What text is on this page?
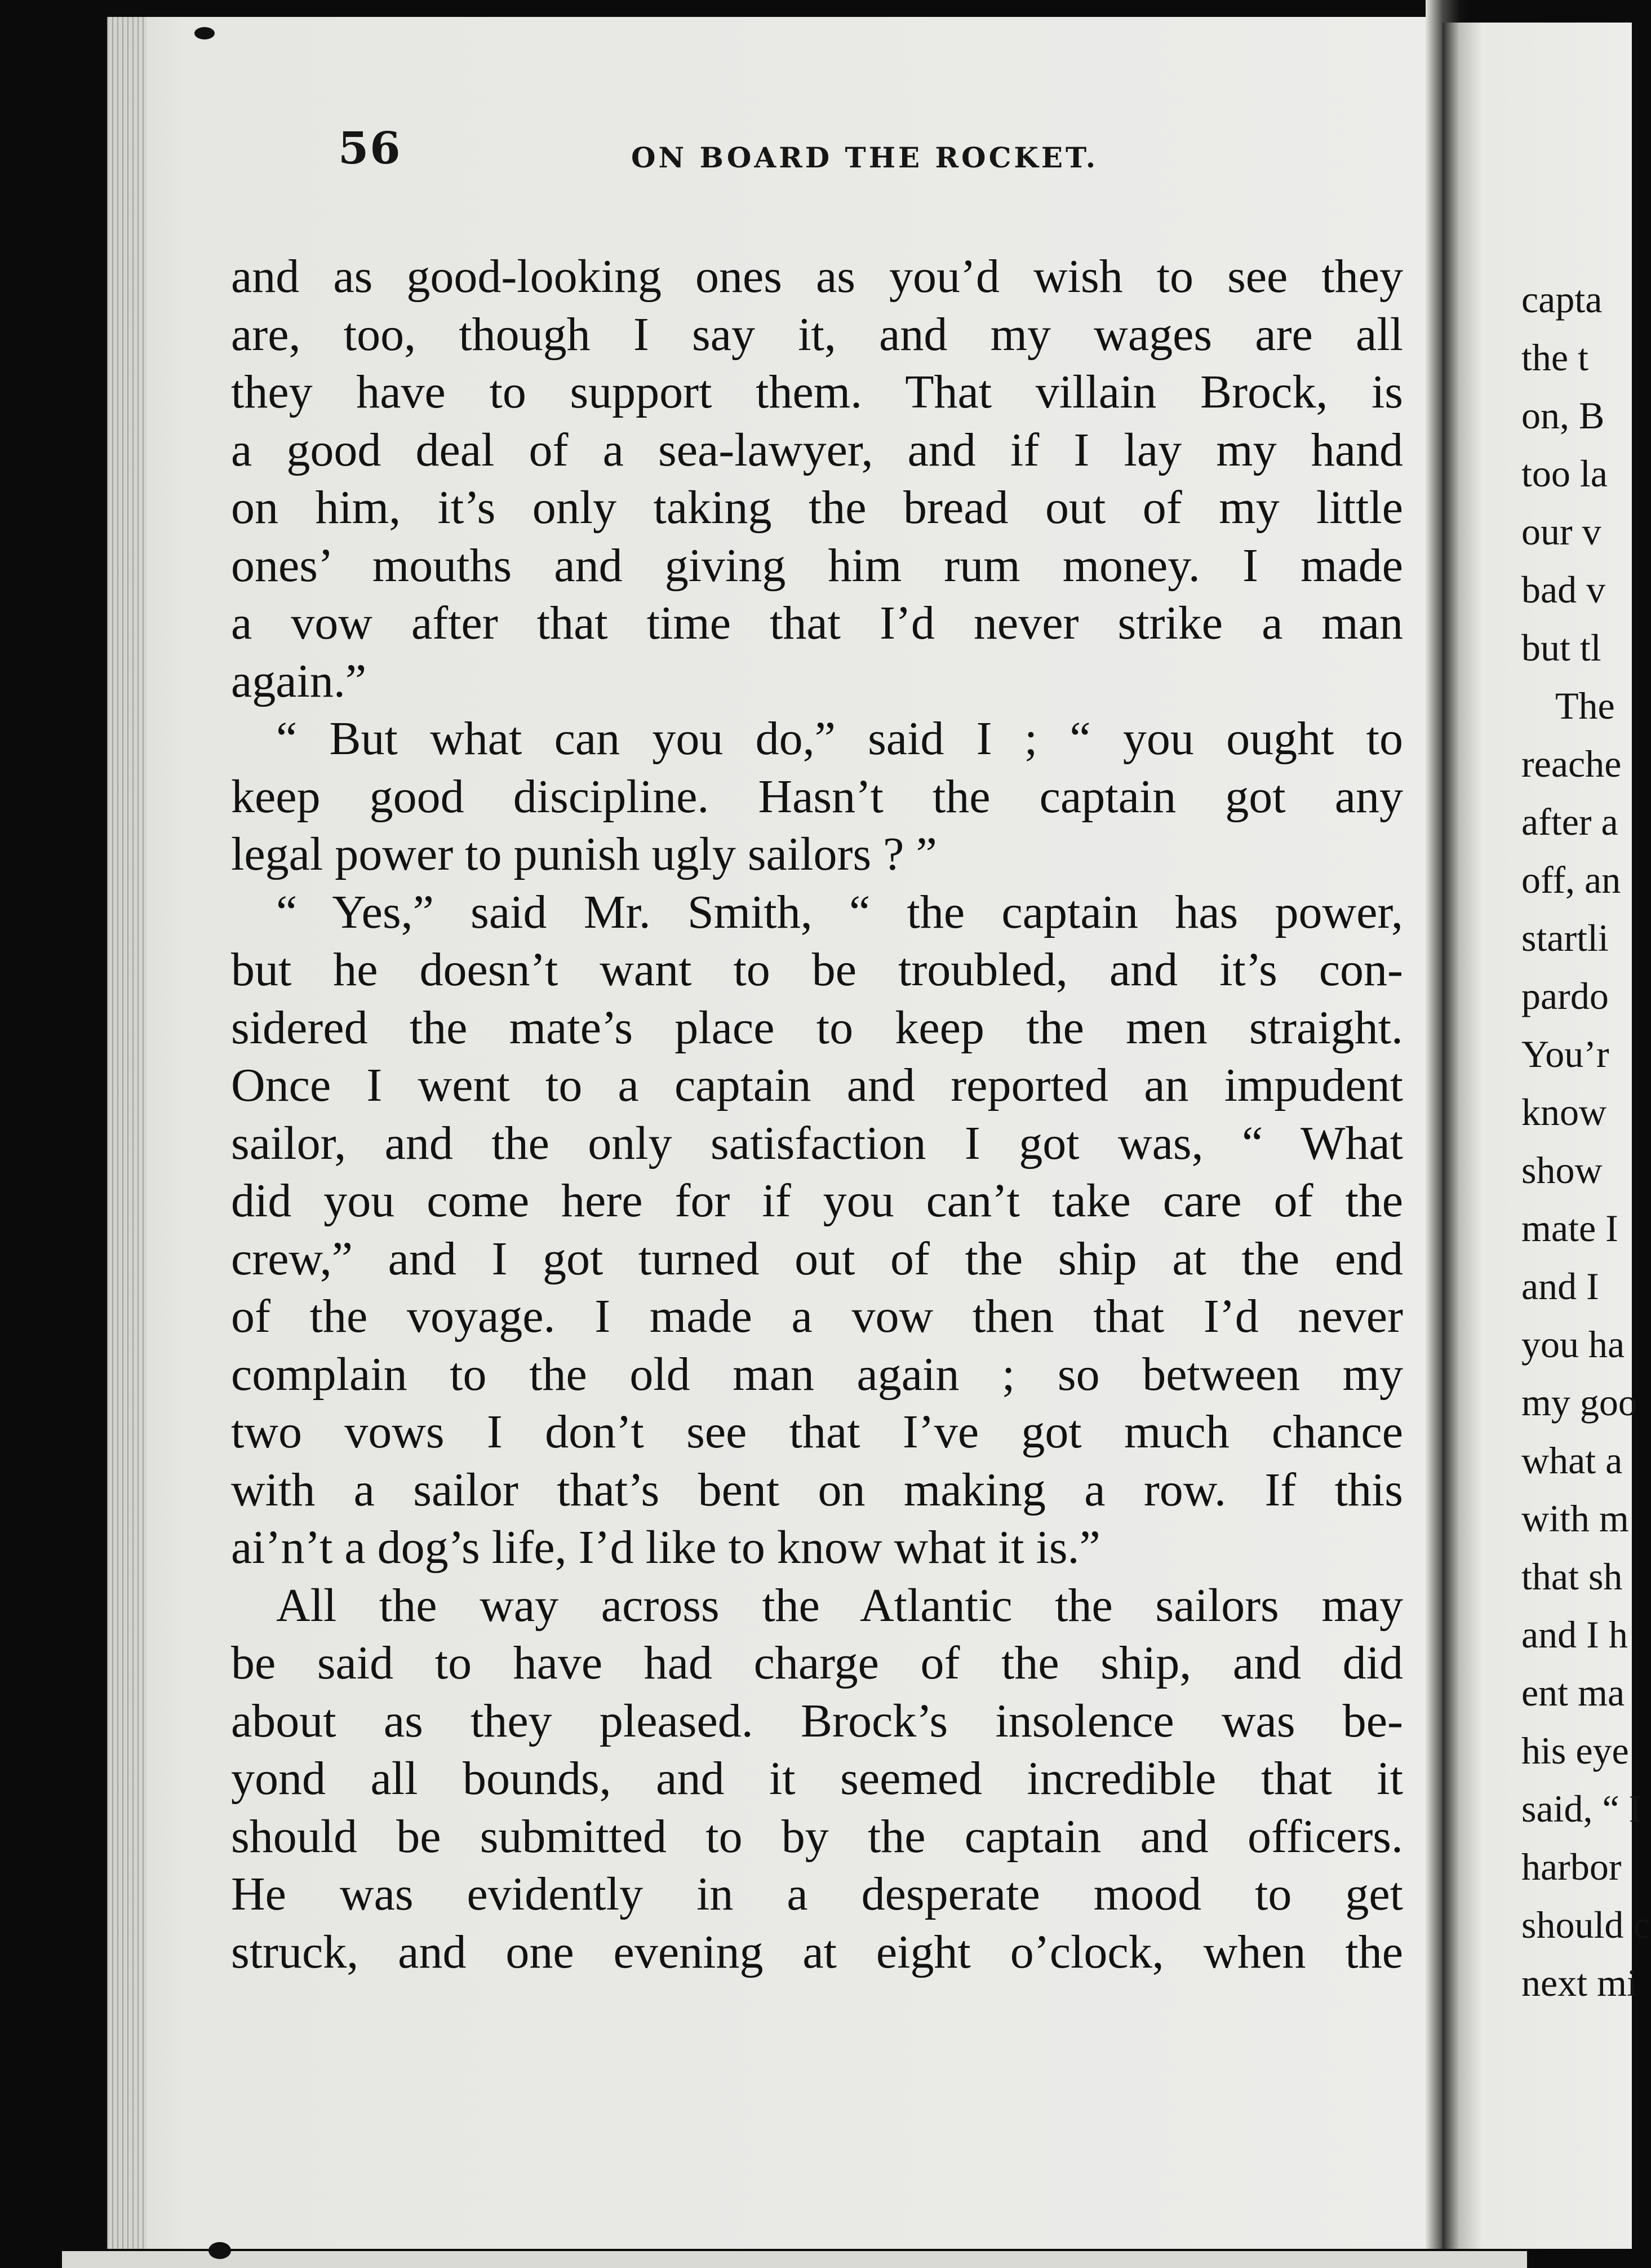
56	ON BOARD THE ROCKET.
and as good-looking ones as you’d wish to see they
are, too, though I say it, and my wages are all
they have to support them. That villain Brock, is
a good deal of a sea-lawyer, and if I lay my hand
on him, it’s only taking the bread out of my little
ones’ mouths and giving him rum money. I made
a vow after that time that I’d never strike a man
again.”
“ But what can you do,” said I ; “ you ought to
keep good discipline. Hasn’t the captain got any
legal power to punish ugly sailors ? ”
“ Yes,” said Mr. Smith, “ the captain has power,
but he doesn’t want to be troubled, and it’s con-
sidered the mate’s place to keep the men straight.
Once I went to a captain and reported an impudent
sailor, and the only satisfaction I got was, “ What
did you come here for if you can’t take care of the
crew,” and I got turned out of the ship at the end
of the voyage. I made a vow then that I’d never
complain to the old man again ; so between my
two vows I don’t see that I’ve got much chance
with a sailor that’s bent on making a row. If this
ai’n’t a dog’s life, I’d like to know what it is.”
All the way across the Atlantic the sailors may
be said to have had charge of the ship, and did
about as they pleased. Brock’s insolence was be-
yond all bounds, and it seemed incredible that it
should be submitted to by the captain and officers.
He was evidently in a desperate mood to get
struck, and one evening at eight o’clock, when the
capta
the t
on, B
too la
our v
bad v
but tl
The
reache
after a
off, an
startli
pardo
You’r
know
show
mate I
and I
you ha
my goo
what a
with m
that sh
and I h
ent ma
his eye
said, “ I
harbor
should c
next mi
